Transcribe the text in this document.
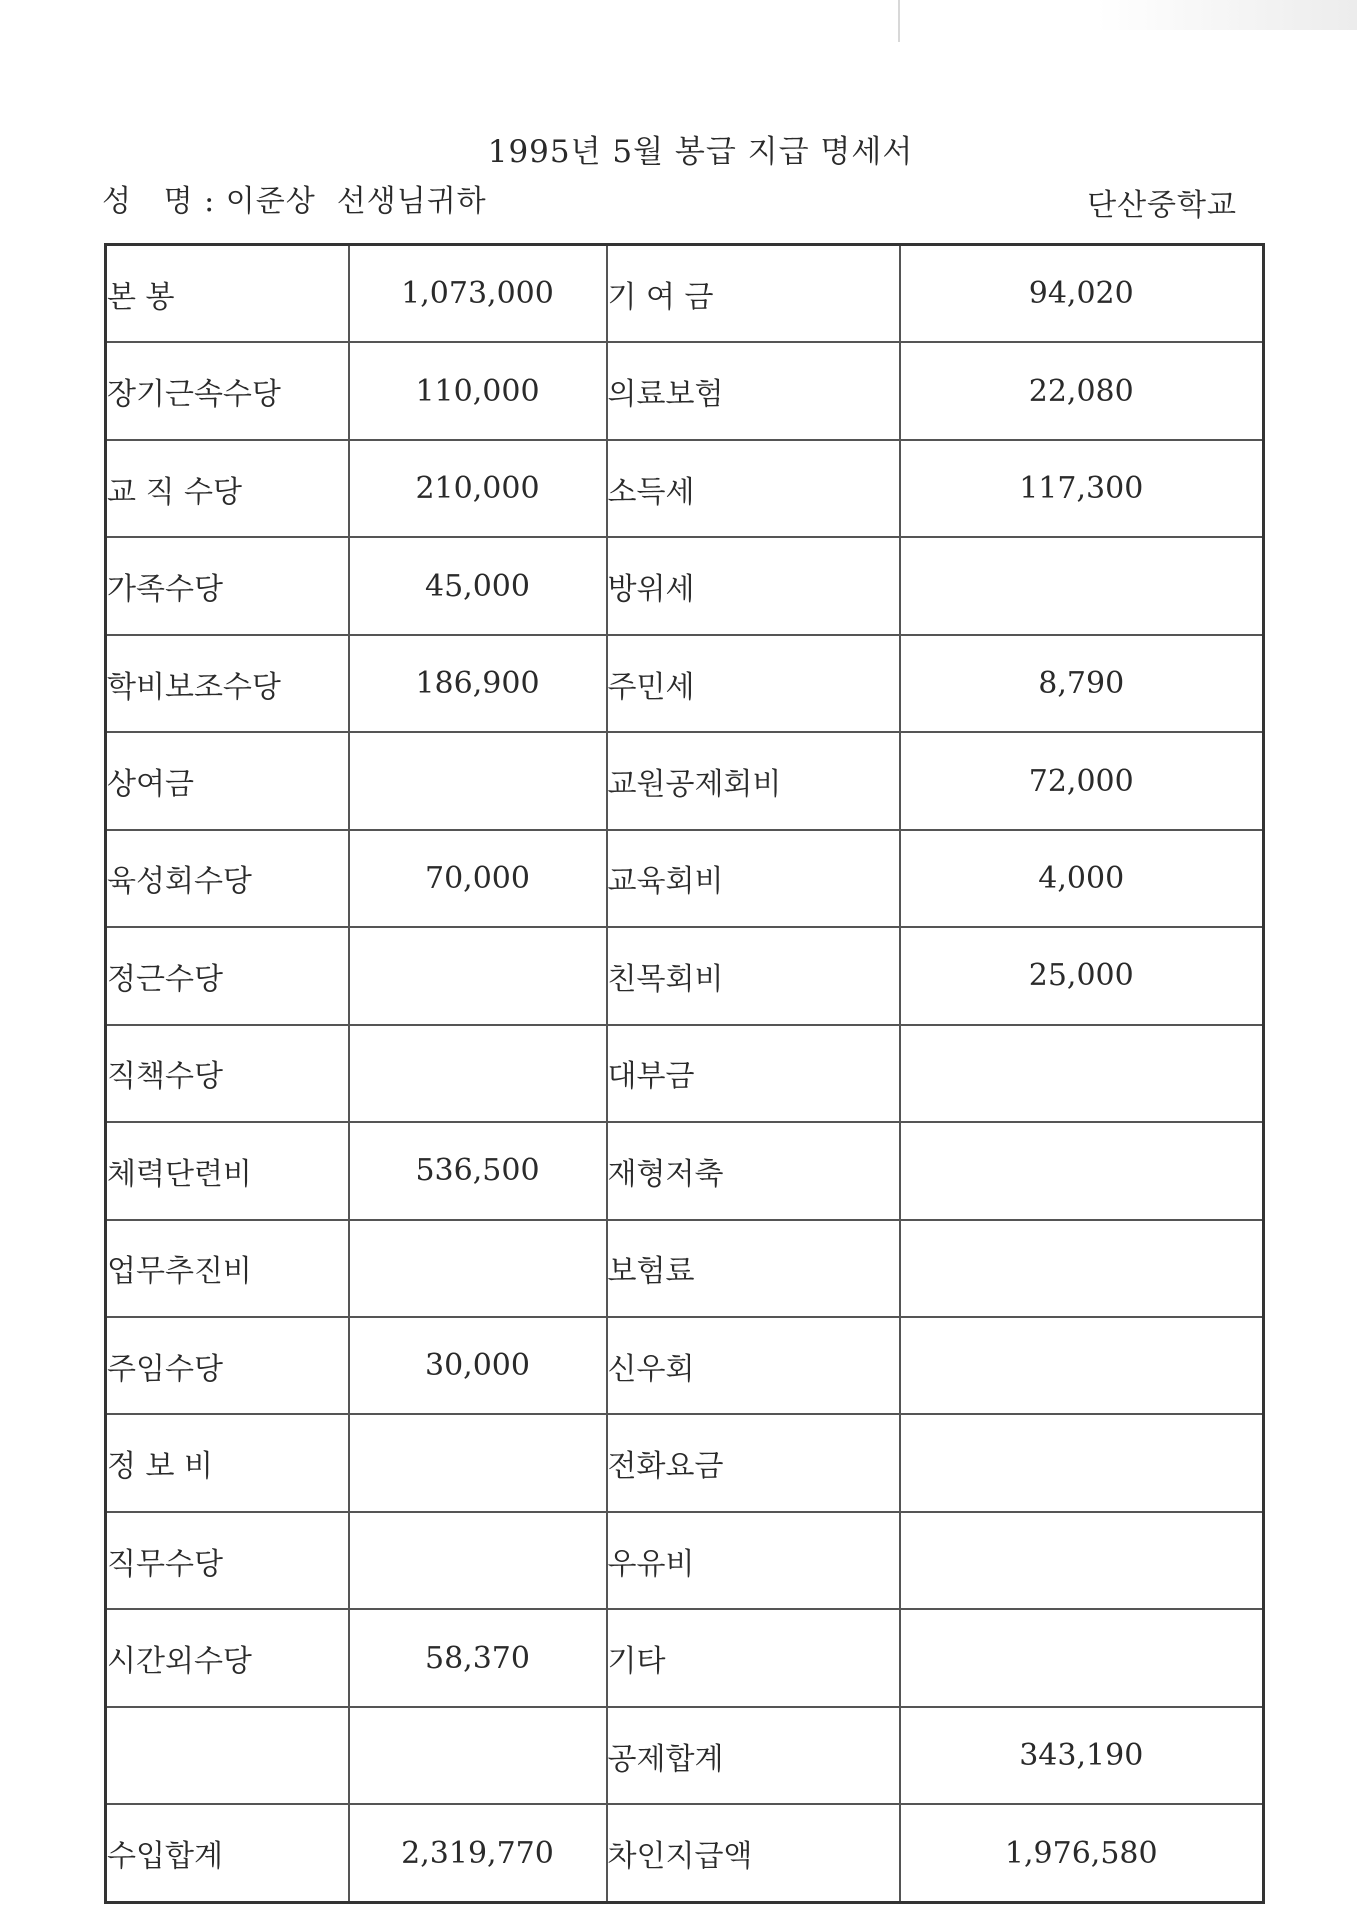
1995년 5월 봉급 지급 명세서
성   명 : 이준상  선생님귀하	단산중학교
본 봉	1,073,000	기 여 금	94,020
장기근속수당	110,000	의료보험	22,080
교 직 수당	210,000	소득세	117,300
가족수당	45,000	방위세	
학비보조수당	186,900	주민세	8,790
상여금		교원공제회비	72,000
육성회수당	70,000	교육회비	4,000
정근수당		친목회비	25,000
직책수당		대부금	
체력단련비	536,500	재형저축	
업무추진비		보험료	
주임수당	30,000	신우회	
정 보 비		전화요금	
직무수당		우유비	
시간외수당	58,370	기타	
		공제합계	343,190
수입합계	2,319,770	차인지급액	1,976,580
